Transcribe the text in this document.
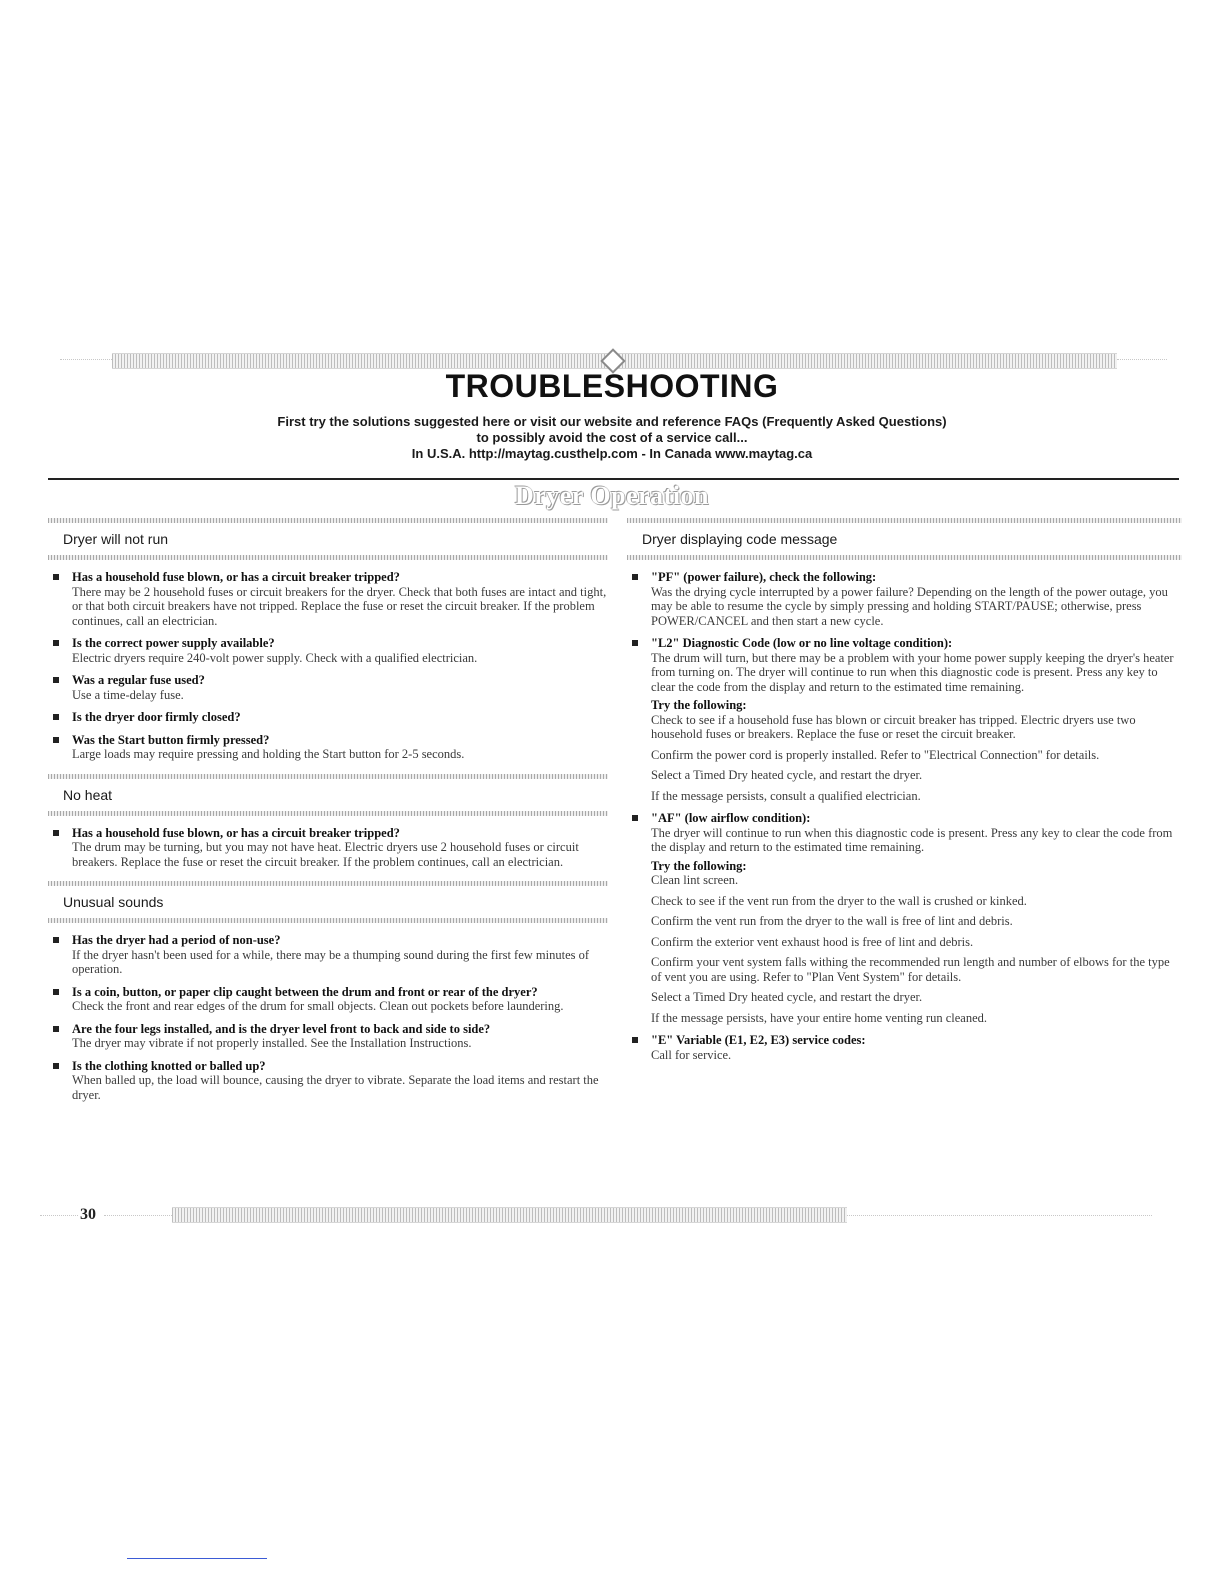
TROUBLESHOOTING
First try the solutions suggested here or visit our website and reference FAQs (Frequently Asked Questions)
to possibly avoid the cost of a service call...
In U.S.A. http://maytag.custhelp.com - In Canada www.maytag.ca
Dryer Operation
Dryer will not run
Has a household fuse blown, or has a circuit breaker tripped?
There may be 2 household fuses or circuit breakers for the dryer. Check that both fuses are intact and tight, or that both circuit breakers have not tripped. Replace the fuse or reset the circuit breaker. If the problem continues, call an electrician.
Is the correct power supply available?
Electric dryers require 240-volt power supply. Check with a qualified electrician.
Was a regular fuse used?
Use a time-delay fuse.
Is the dryer door firmly closed?
Was the Start button firmly pressed?
Large loads may require pressing and holding the Start button for 2-5 seconds.
No heat
Has a household fuse blown, or has a circuit breaker tripped?
The drum may be turning, but you may not have heat. Electric dryers use 2 household fuses or circuit breakers. Replace the fuse or reset the circuit breaker. If the problem continues, call an electrician.
Unusual sounds
Has the dryer had a period of non-use?
If the dryer hasn't been used for a while, there may be a thumping sound during the first few minutes of operation.
Is a coin, button, or paper clip caught between the drum and front or rear of the dryer?
Check the front and rear edges of the drum for small objects. Clean out pockets before laundering.
Are the four legs installed, and is the dryer level front to back and side to side?
The dryer may vibrate if not properly installed. See the Installation Instructions.
Is the clothing knotted or balled up?
When balled up, the load will bounce, causing the dryer to vibrate. Separate the load items and restart the dryer.
Dryer displaying code message
"PF" (power failure), check the following:
Was the drying cycle interrupted by a power failure? Depending on the length of the power outage, you may be able to resume the cycle by simply pressing and holding START/PAUSE; otherwise, press POWER/CANCEL and then start a new cycle.
"L2" Diagnostic Code (low or no line voltage condition):
The drum will turn, but there may be a problem with your home power supply keeping the dryer's heater from turning on. The dryer will continue to run when this diagnostic code is present. Press any key to clear the code from the display and return to the estimated time remaining.
Try the following:
Check to see if a household fuse has blown or circuit breaker has tripped. Electric dryers use two household fuses or breakers. Replace the fuse or reset the circuit breaker.
Confirm the power cord is properly installed. Refer to "Electrical Connection" for details.
Select a Timed Dry heated cycle, and restart the dryer.
If the message persists, consult a qualified electrician.
"AF" (low airflow condition):
The dryer will continue to run when this diagnostic code is present. Press any key to clear the code from the display and return to the estimated time remaining.
Try the following:
Clean lint screen.
Check to see if the vent run from the dryer to the wall is crushed or kinked.
Confirm the vent run from the dryer to the wall is free of lint and debris.
Confirm the exterior vent exhaust hood is free of lint and debris.
Confirm your vent system falls withing the recommended run length and number of elbows for the type of vent you are using. Refer to "Plan Vent System" for details.
Select a Timed Dry heated cycle, and restart the dryer.
If the message persists, have your entire home venting run cleaned.
"E" Variable (E1, E2, E3) service codes:
Call for service.
30
